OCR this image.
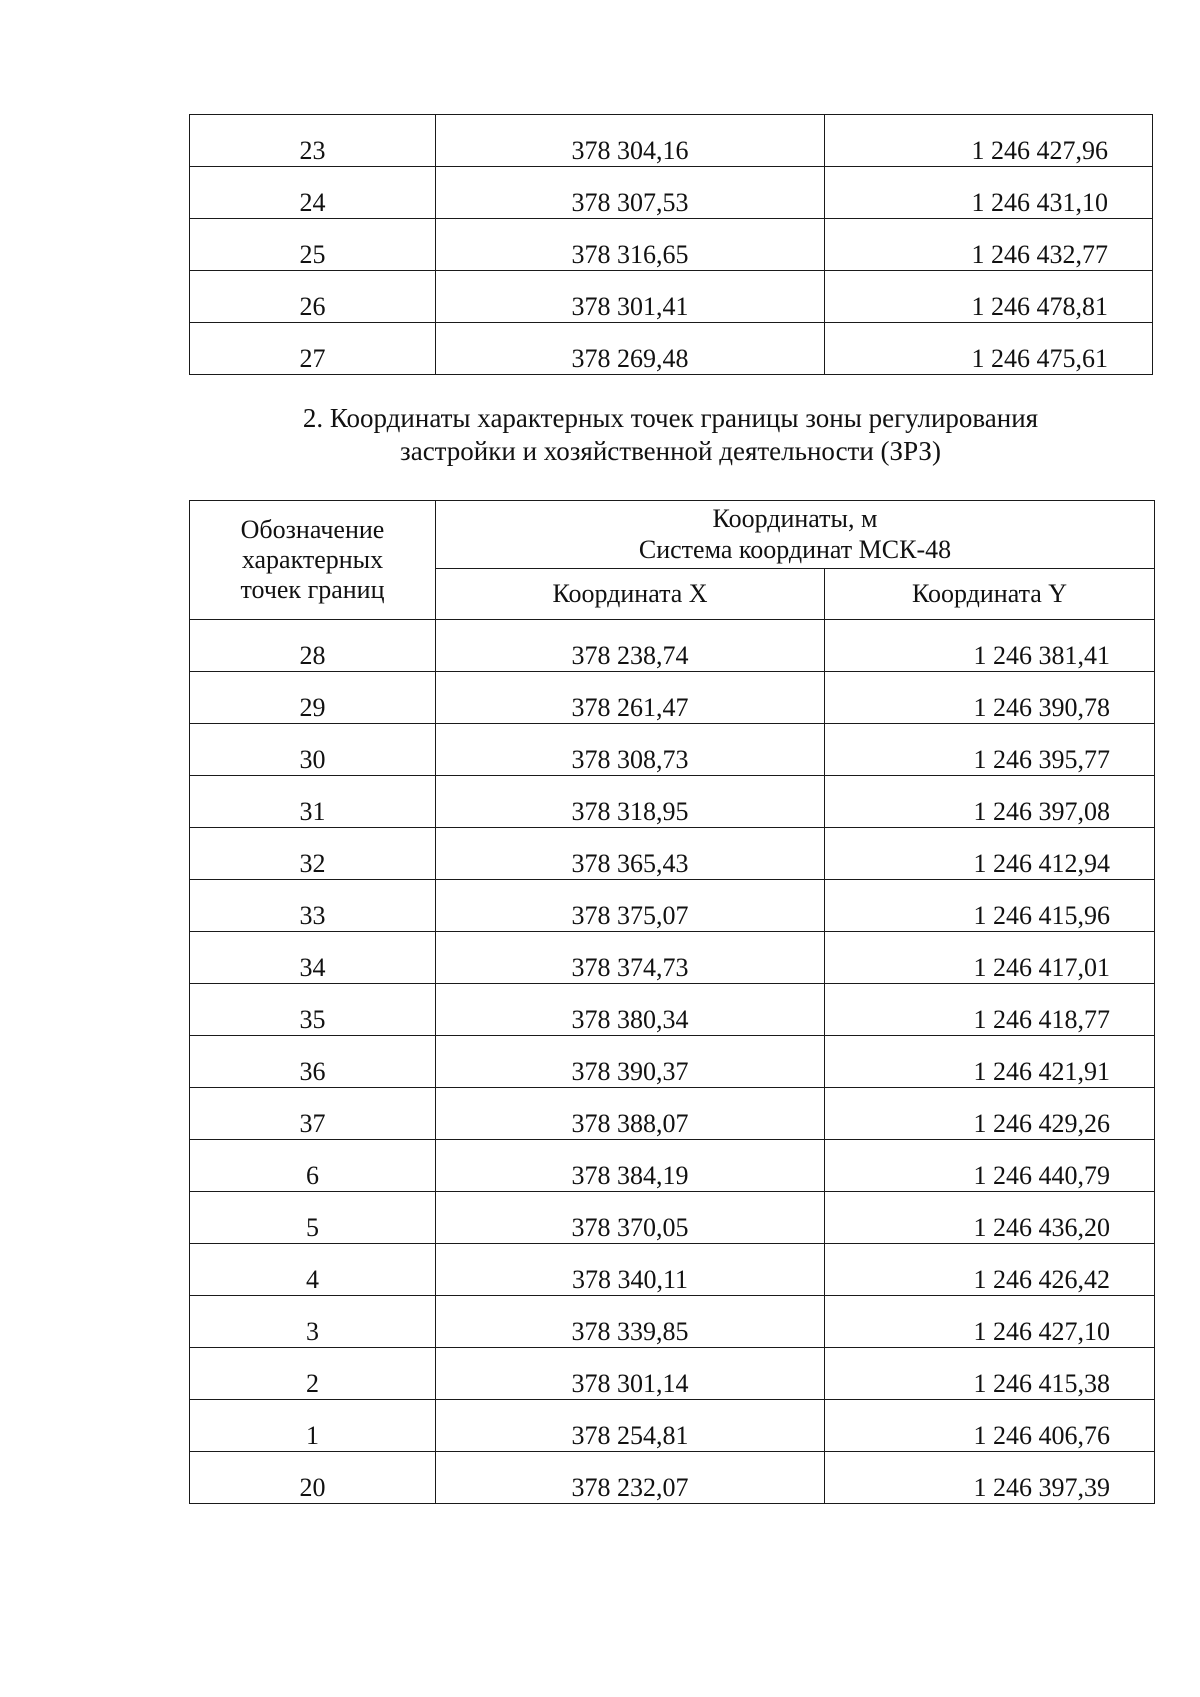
23	378 304,16	1 246 427,96
24	378 307,53	1 246 431,10
25	378 316,65	1 246 432,77
26	378 301,41	1 246 478,81
27	378 269,48	1 246 475,61
2. Координаты характерных точек границы зоны регулирования
застройки и хозяйственной деятельности (ЗРЗ)
Обозначение характерных точек границ	Координаты, м
Система координат МСК-48	

	Координата X	Координата Y
28	378 238,74	1 246 381,41
29	378 261,47	1 246 390,78
30	378 308,73	1 246 395,77
31	378 318,95	1 246 397,08
32	378 365,43	1 246 412,94
33	378 375,07	1 246 415,96
34	378 374,73	1 246 417,01
35	378 380,34	1 246 418,77
36	378 390,37	1 246 421,91
37	378 388,07	1 246 429,26
6	378 384,19	1 246 440,79
5	378 370,05	1 246 436,20
4	378 340,11	1 246 426,42
3	378 339,85	1 246 427,10
2	378 301,14	1 246 415,38
1	378 254,81	1 246 406,76
20	378 232,07	1 246 397,39
